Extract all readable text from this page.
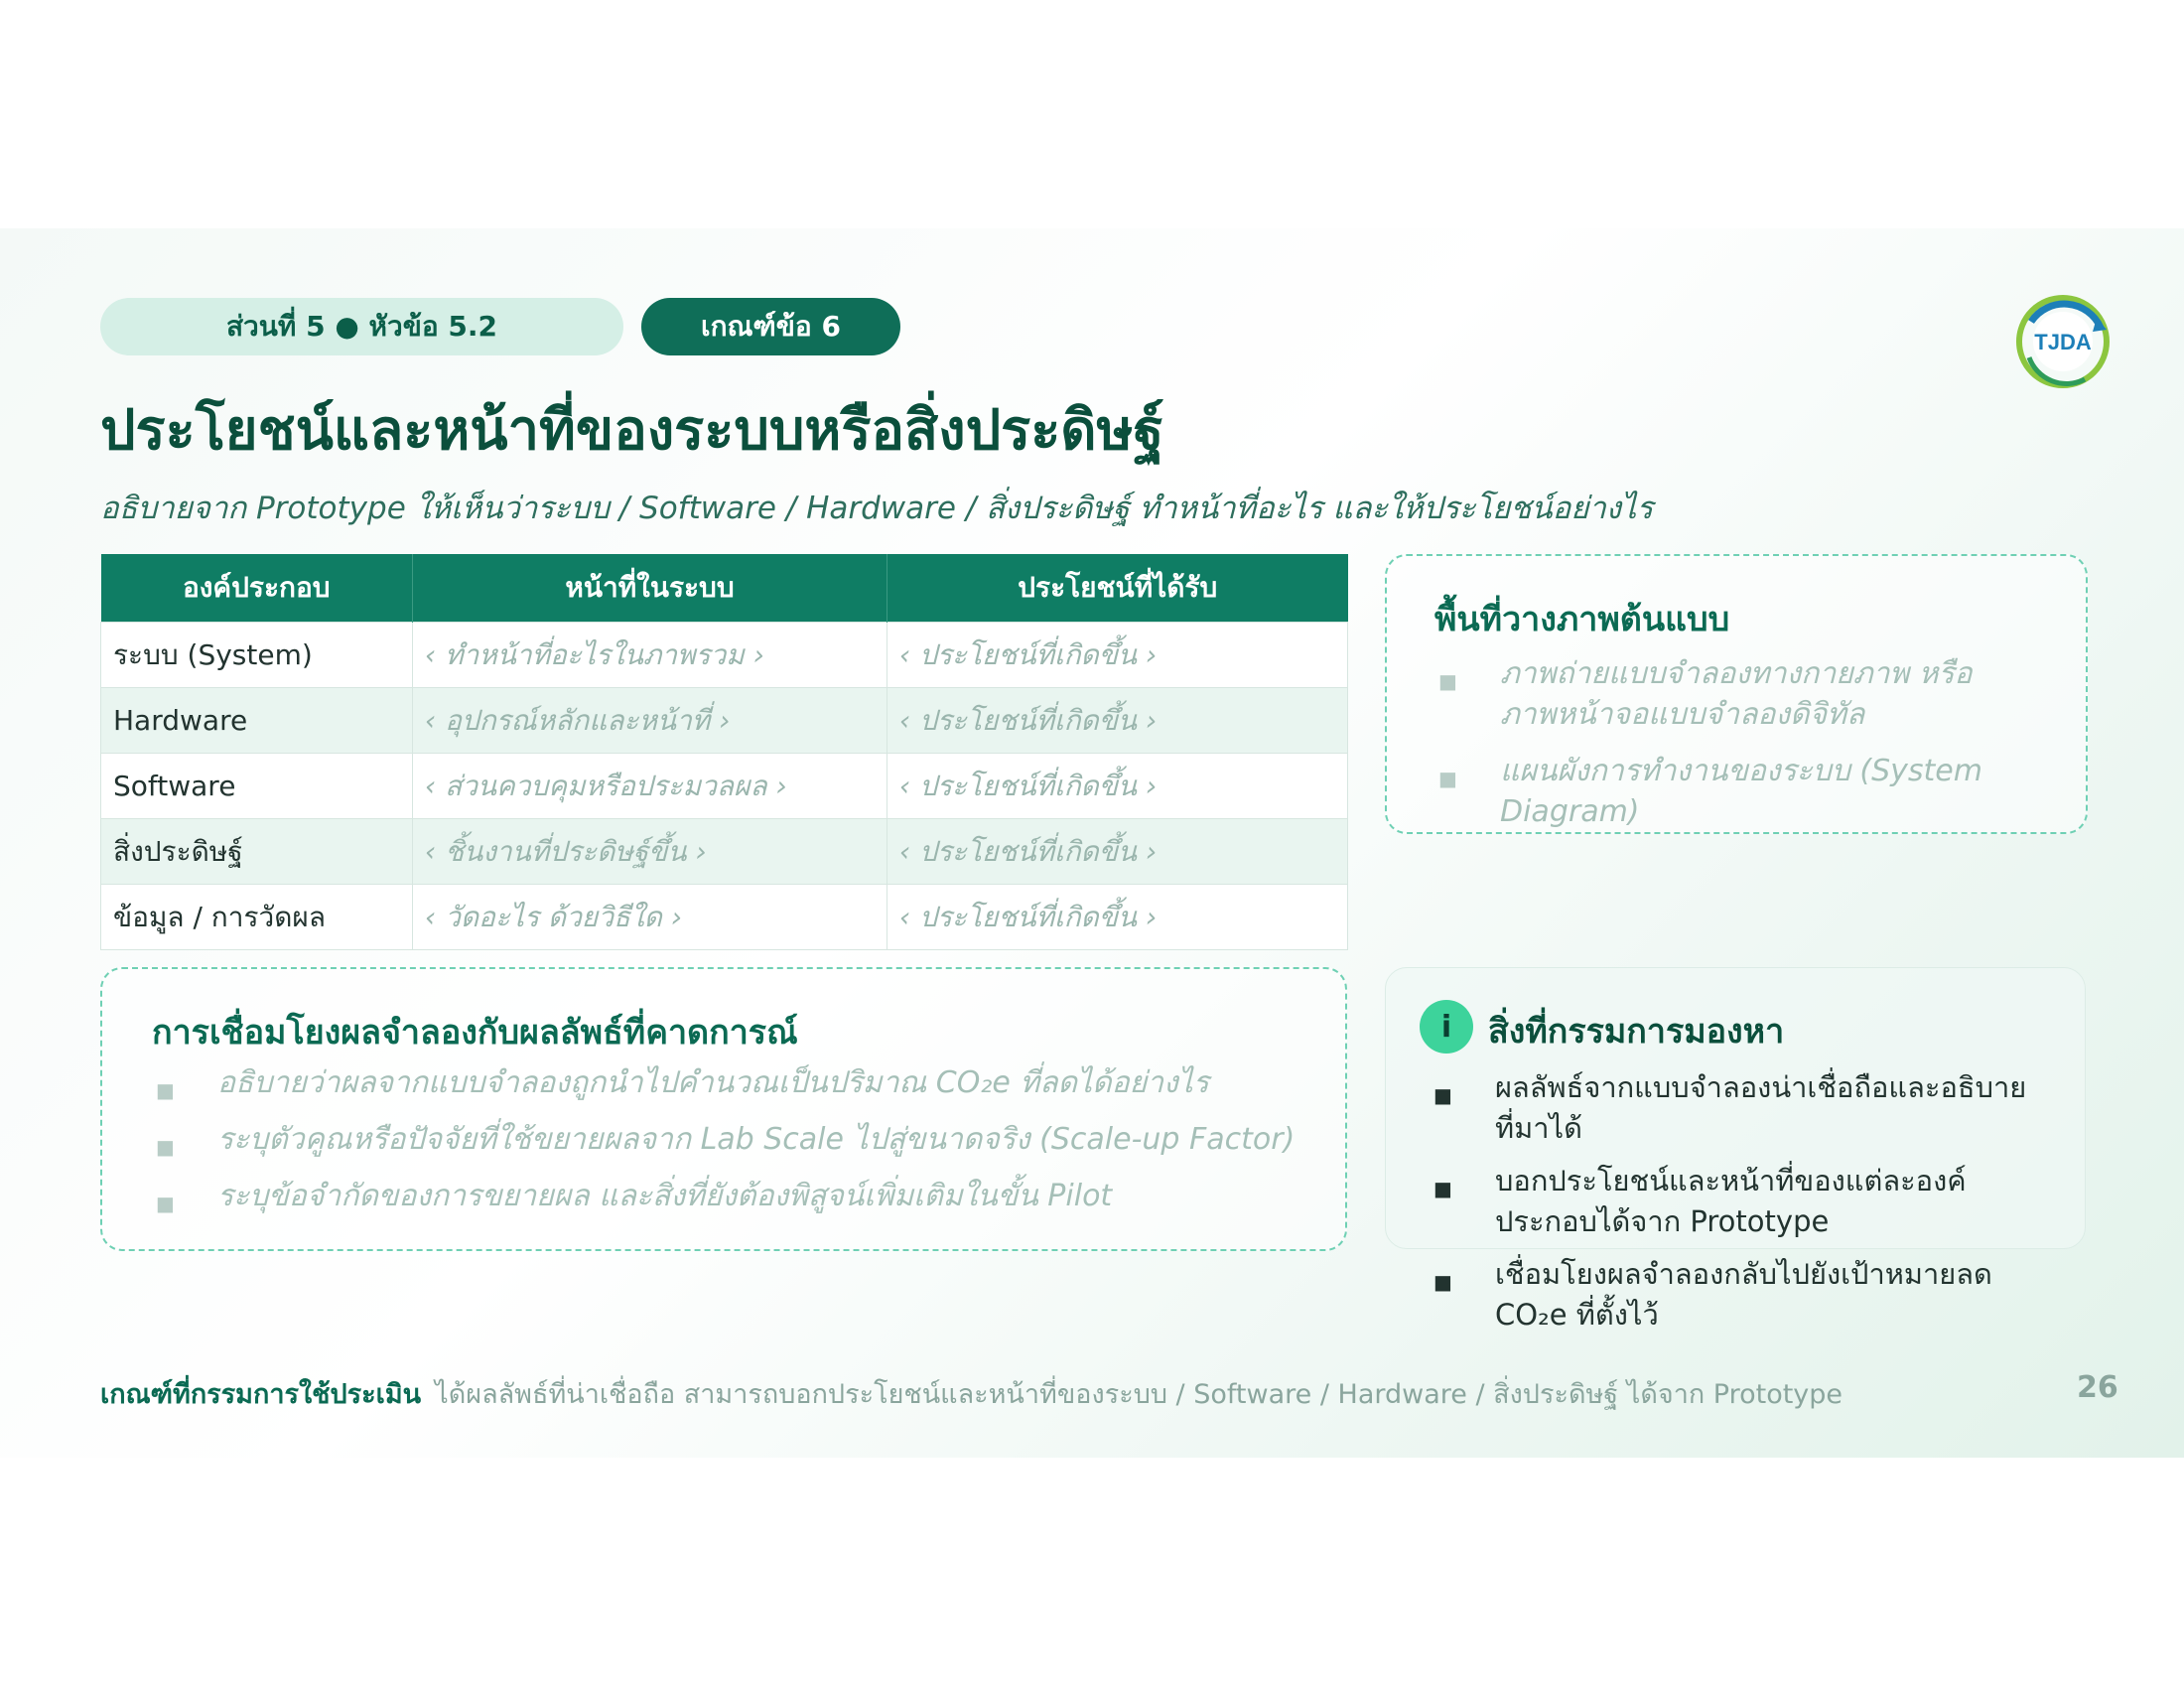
ส่วนที่ 5 ● หัวข้อ 5.2	เกณฑ์ข้อ 6	TJDA
ประโยชน์และหน้าที่ของระบบหรือสิ่งประดิษฐ์
อธิบายจาก Prototype ให้เห็นว่าระบบ / Software / Hardware / สิ่งประดิษฐ์ ทำหน้าที่อะไร และให้ประโยชน์อย่างไร
องค์ประกอบ	หน้าที่ในระบบ	ประโยชน์ที่ได้รับ
ระบบ (System)	‹ ทำหน้าที่อะไรในภาพรวม ›	‹ ประโยชน์ที่เกิดขึ้น ›
Hardware	‹ อุปกรณ์หลักและหน้าที่ ›	‹ ประโยชน์ที่เกิดขึ้น ›
Software	‹ ส่วนควบคุมหรือประมวลผล ›	‹ ประโยชน์ที่เกิดขึ้น ›
สิ่งประดิษฐ์	‹ ชิ้นงานที่ประดิษฐ์ขึ้น ›	‹ ประโยชน์ที่เกิดขึ้น ›
ข้อมูล / การวัดผล	‹ วัดอะไร ด้วยวิธีใด ›	‹ ประโยชน์ที่เกิดขึ้น ›
พื้นที่วางภาพต้นแบบ
■ ภาพถ่ายแบบจำลองทางกายภาพ หรือภาพหน้าจอแบบจำลองดิจิทัล
■ แผนผังการทำงานของระบบ (System Diagram)
การเชื่อมโยงผลจำลองกับผลลัพธ์ที่คาดการณ์
■ อธิบายว่าผลจากแบบจำลองถูกนำไปคำนวณเป็นปริมาณ CO₂e ที่ลดได้อย่างไร
■ ระบุตัวคูณหรือปัจจัยที่ใช้ขยายผลจาก Lab Scale ไปสู่ขนาดจริง (Scale-up Factor)
■ ระบุข้อจำกัดของการขยายผล และสิ่งที่ยังต้องพิสูจน์เพิ่มเติมในขั้น Pilot
i	สิ่งที่กรรมการมองหา
■ ผลลัพธ์จากแบบจำลองน่าเชื่อถือและอธิบายที่มาได้
■ บอกประโยชน์และหน้าที่ของแต่ละองค์ประกอบได้จาก Prototype
■ เชื่อมโยงผลจำลองกลับไปยังเป้าหมายลด CO₂e ที่ตั้งไว้
เกณฑ์ที่กรรมการใช้ประเมิน ได้ผลลัพธ์ที่น่าเชื่อถือ สามารถบอกประโยชน์และหน้าที่ของระบบ / Software / Hardware / สิ่งประดิษฐ์ ได้จาก Prototype	26
